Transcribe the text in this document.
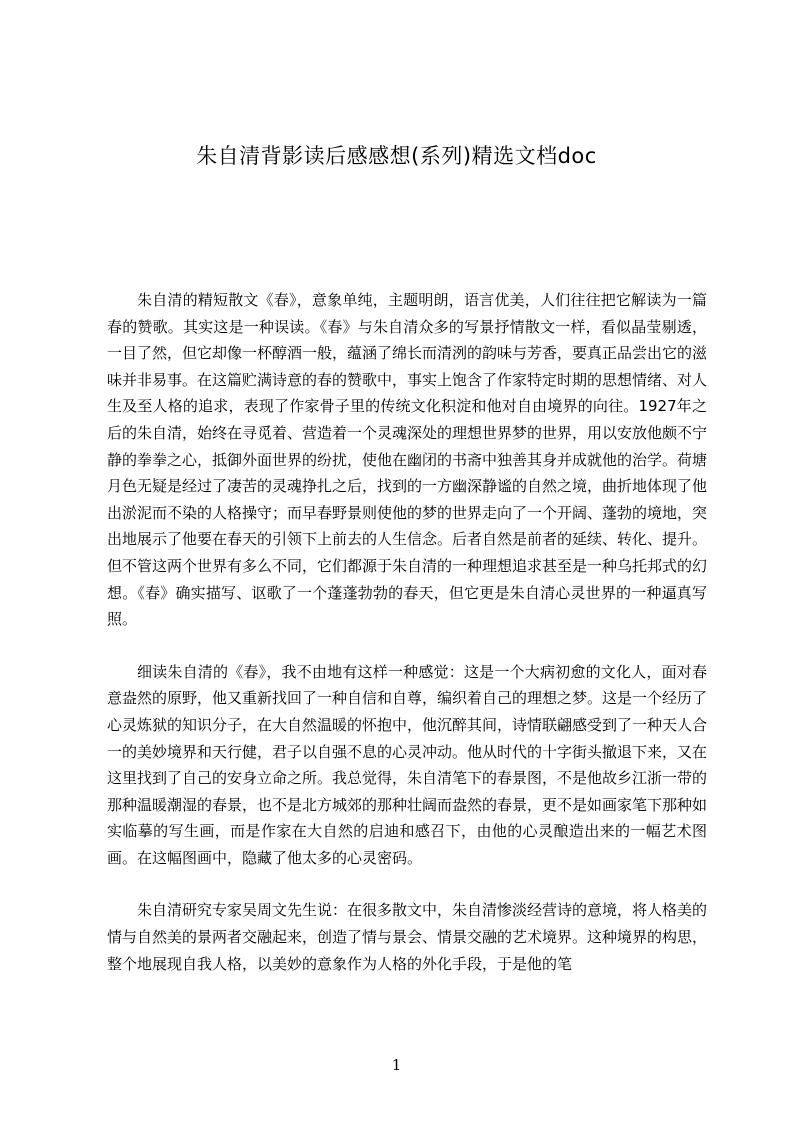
朱自清背影读后感感想(系列)精选文档doc

朱自清的精短散文《春》，意象单纯，主题明朗，语言优美，人们往往把它解读为一篇春的赞歌。其实这是一种误读。《春》与朱自清众多的写景抒情散文一样，看似晶莹剔透，一目了然，但它却像一杯醇酒一般，蕴涵了绵长而清洌的韵味与芳香，要真正品尝出它的滋味并非易事。在这篇贮满诗意的春的赞歌中，事实上饱含了作家特定时期的思想情绪、对人生及至人格的追求，表现了作家骨子里的传统文化积淀和他对自由境界的向往。1927年之后的朱自清，始终在寻觅着、营造着一个灵魂深处的理想世界梦的世界，用以安放他颇不宁静的拳拳之心，抵御外面世界的纷扰，使他在幽闭的书斋中独善其身并成就他的治学。荷塘月色无疑是经过了凄苦的灵魂挣扎之后，找到的一方幽深静谧的自然之境，曲折地体现了他出淤泥而不染的人格操守；而早春野景则使他的梦的世界走向了一个开阔、蓬勃的境地，突出地展示了他要在春天的引领下上前去的人生信念。后者自然是前者的延续、转化、提升。但不管这两个世界有多么不同，它们都源于朱自清的一种理想追求甚至是一种乌托邦式的幻想。《春》确实描写、讴歌了一个蓬蓬勃勃的春天，但它更是朱自清心灵世界的一种逼真写照。

细读朱自清的《春》，我不由地有这样一种感觉：这是一个大病初愈的文化人，面对春意盎然的原野，他又重新找回了一种自信和自尊，编织着自己的理想之梦。这是一个经历了心灵炼狱的知识分子，在大自然温暖的怀抱中，他沉醉其间，诗情联翩感受到了一种天人合一的美妙境界和天行健，君子以自强不息的心灵冲动。他从时代的十字街头撤退下来，又在这里找到了自己的安身立命之所。我总觉得，朱自清笔下的春景图，不是他故乡江浙一带的那种温暖潮湿的春景，也不是北方城郊的那种壮阔而盎然的春景，更不是如画家笔下那种如实临摹的写生画，而是作家在大自然的启迪和感召下，由他的心灵酿造出来的一幅艺术图画。在这幅图画中，隐藏了他太多的心灵密码。

朱自清研究专家吴周文先生说：在很多散文中，朱自清惨淡经营诗的意境，将人格美的情与自然美的景两者交融起来，创造了情与景会、情景交融的艺术境界。这种境界的构思，整个地展现自我人格，以美妙的意象作为人格的外化手段，于是他的笔

1
